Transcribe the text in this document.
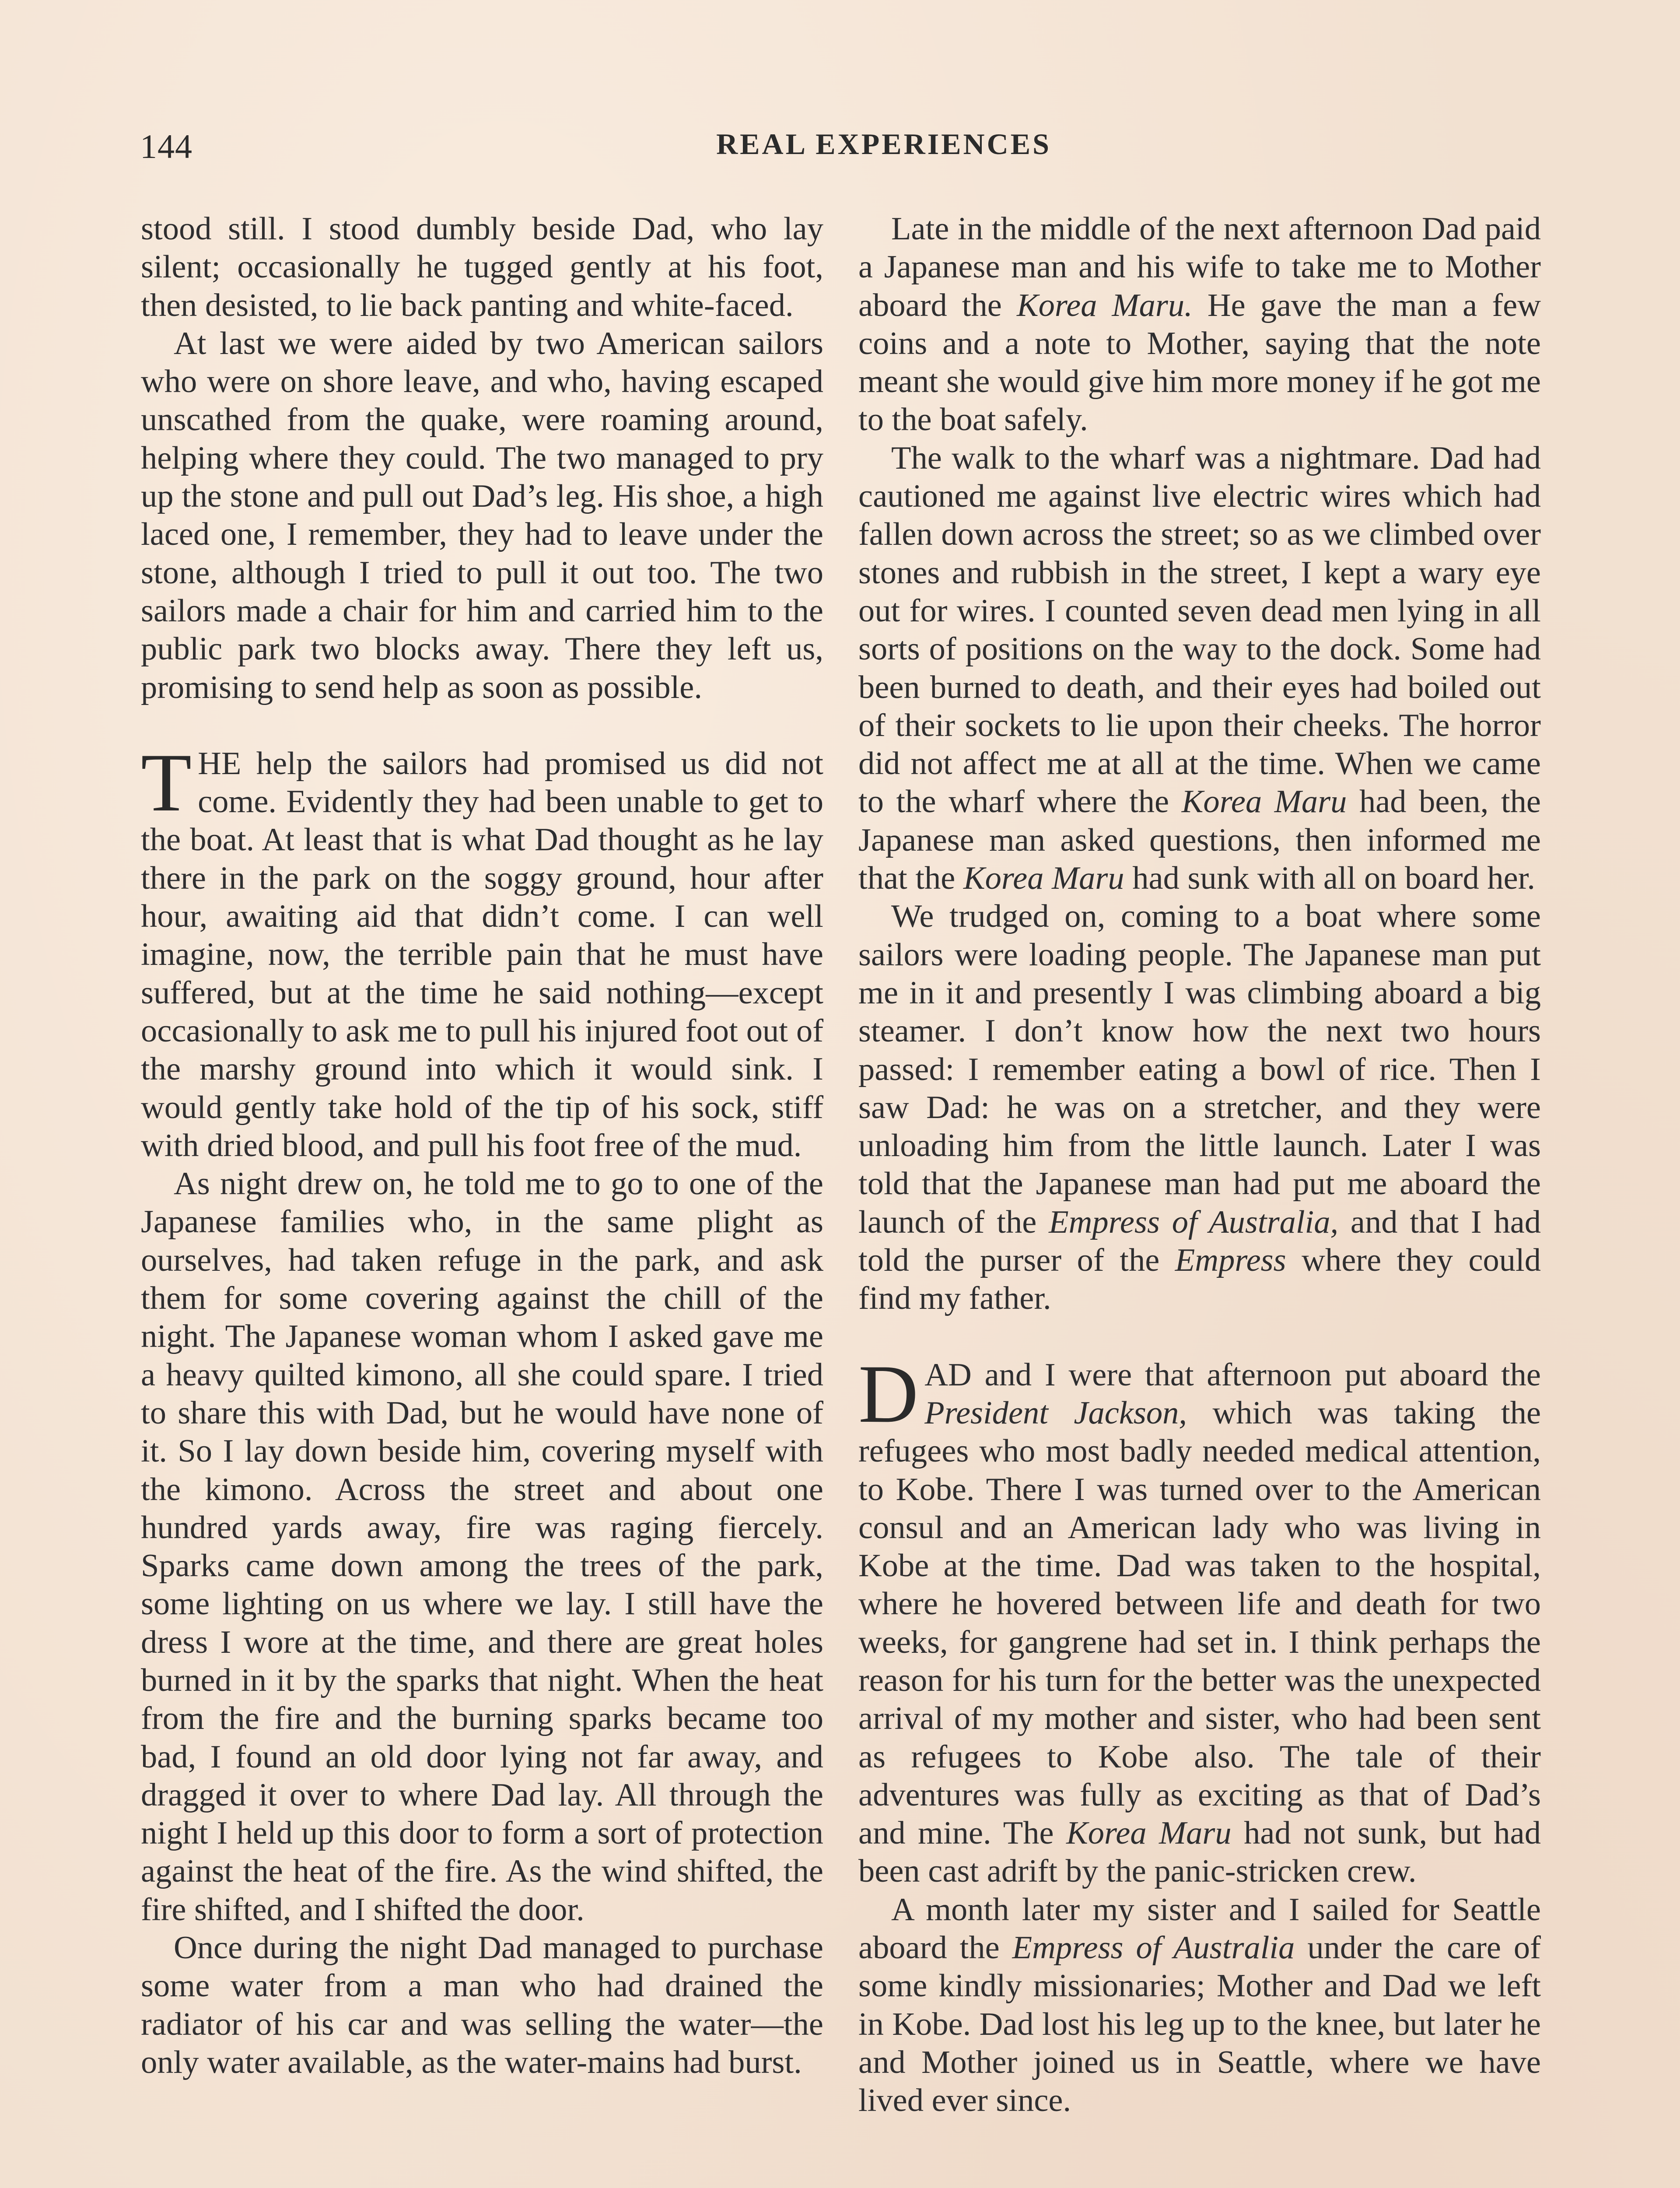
144	REAL EXPERIENCES

stood still. I stood dumbly beside Dad, who lay silent; occasionally he tugged gently at his foot, then desisted, to lie back panting and white-faced.

At last we were aided by two American sailors who were on shore leave, and who, having escaped unscathed from the quake, were roaming around, helping where they could. The two managed to pry up the stone and pull out Dad’s leg. His shoe, a high laced one, I remember, they had to leave under the stone, although I tried to pull it out too. The two sailors made a chair for him and carried him to the public park two blocks away. There they left us, promising to send help as soon as possible.

THE help the sailors had promised us did not come. Evidently they had been unable to get to the boat. At least that is what Dad thought as he lay there in the park on the soggy ground, hour after hour, awaiting aid that didn’t come. I can well imagine, now, the terrible pain that he must have suffered, but at the time he said nothing—except occasionally to ask me to pull his injured foot out of the marshy ground into which it would sink. I would gently take hold of the tip of his sock, stiff with dried blood, and pull his foot free of the mud.

As night drew on, he told me to go to one of the Japanese families who, in the same plight as ourselves, had taken refuge in the park, and ask them for some covering against the chill of the night. The Japanese woman whom I asked gave me a heavy quilted kimono, all she could spare. I tried to share this with Dad, but he would have none of it. So I lay down beside him, covering myself with the kimono. Across the street and about one hundred yards away, fire was raging fiercely. Sparks came down among the trees of the park, some lighting on us where we lay. I still have the dress I wore at the time, and there are great holes burned in it by the sparks that night. When the heat from the fire and the burning sparks became too bad, I found an old door lying not far away, and dragged it over to where Dad lay. All through the night I held up this door to form a sort of protection against the heat of the fire. As the wind shifted, the fire shifted, and I shifted the door.

Once during the night Dad managed to purchase some water from a man who had drained the radiator of his car and was selling the water—the only water available, as the water-mains had burst.

Late in the middle of the next afternoon Dad paid a Japanese man and his wife to take me to Mother aboard the Korea Maru. He gave the man a few coins and a note to Mother, saying that the note meant she would give him more money if he got me to the boat safely.

The walk to the wharf was a nightmare. Dad had cautioned me against live electric wires which had fallen down across the street; so as we climbed over stones and rubbish in the street, I kept a wary eye out for wires. I counted seven dead men lying in all sorts of positions on the way to the dock. Some had been burned to death, and their eyes had boiled out of their sockets to lie upon their cheeks. The horror did not affect me at all at the time. When we came to the wharf where the Korea Maru had been, the Japanese man asked questions, then informed me that the Korea Maru had sunk with all on board her.

We trudged on, coming to a boat where some sailors were loading people. The Japanese man put me in it and presently I was climbing aboard a big steamer. I don’t know how the next two hours passed: I remember eating a bowl of rice. Then I saw Dad: he was on a stretcher, and they were unloading him from the little launch. Later I was told that the Japanese man had put me aboard the launch of the Empress of Australia, and that I had told the purser of the Empress where they could find my father.

DAD and I were that afternoon put aboard the President Jackson, which was taking the refugees who most badly needed medical attention, to Kobe. There I was turned over to the American consul and an American lady who was living in Kobe at the time. Dad was taken to the hospital, where he hovered between life and death for two weeks, for gangrene had set in. I think perhaps the reason for his turn for the better was the unexpected arrival of my mother and sister, who had been sent as refugees to Kobe also. The tale of their adventures was fully as exciting as that of Dad’s and mine. The Korea Maru had not sunk, but had been cast adrift by the panic-stricken crew.

A month later my sister and I sailed for Seattle aboard the Empress of Australia under the care of some kindly missionaries; Mother and Dad we left in Kobe. Dad lost his leg up to the knee, but later he and Mother joined us in Seattle, where we have lived ever since.
